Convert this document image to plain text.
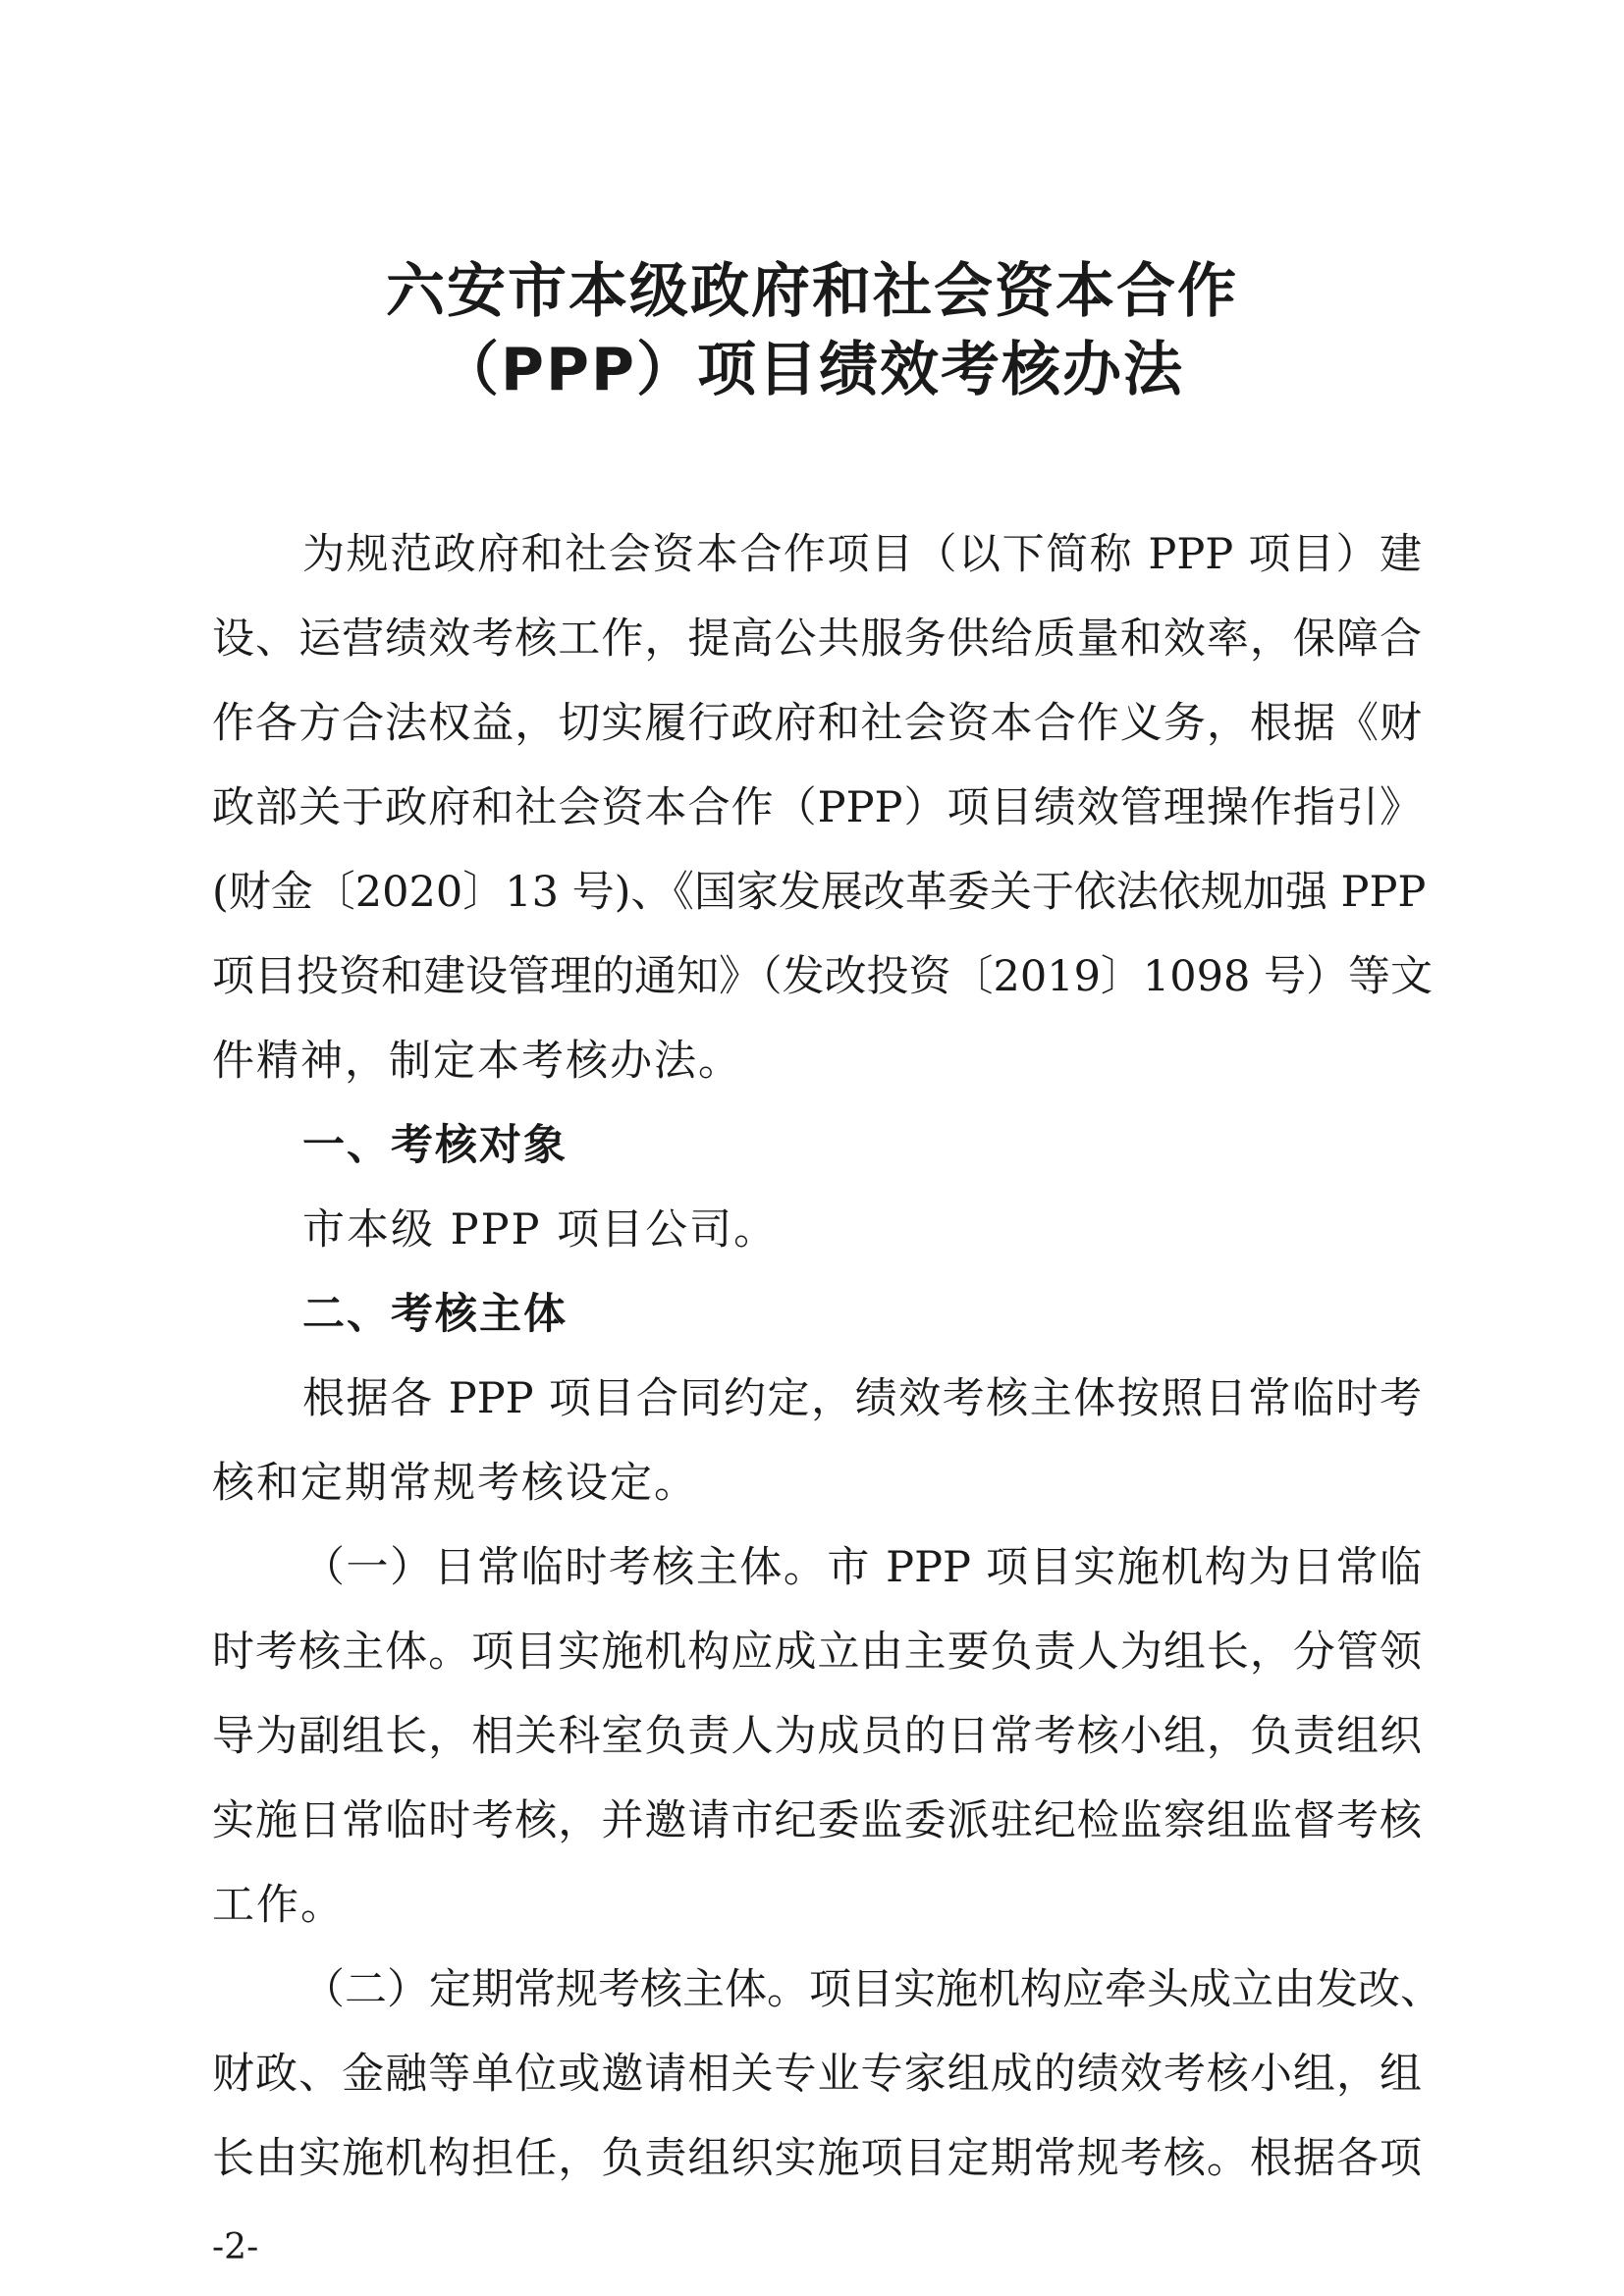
六安市本级政府和社会资本合作
（PPP）项目绩效考核办法

为规范政府和社会资本合作项目（以下简称 PPP 项目）建

设、运营绩效考核工作，提高公共服务供给质量和效率，保障合

作各方合法权益，切实履行政府和社会资本合作义务，根据《财

政部关于政府和社会资本合作（PPP）项目绩效管理操作指引》

(财金〔2020〕13 号)、《国家发展改革委关于依法依规加强 PPP

项目投资和建设管理的通知》（发改投资〔2019〕1098 号）等文

件精神，制定本考核办法。

一、考核对象

市本级 PPP 项目公司。

二、考核主体

根据各 PPP 项目合同约定，绩效考核主体按照日常临时考

核和定期常规考核设定。

（一）日常临时考核主体。市 PPP 项目实施机构为日常临

时考核主体。项目实施机构应成立由主要负责人为组长，分管领

导为副组长，相关科室负责人为成员的日常考核小组，负责组织

实施日常临时考核，并邀请市纪委监委派驻纪检监察组监督考核

工作。

（二）定期常规考核主体。项目实施机构应牵头成立由发改、

财政、金融等单位或邀请相关专业专家组成的绩效考核小组，组

长由实施机构担任，负责组织实施项目定期常规考核。根据各项

-2-
